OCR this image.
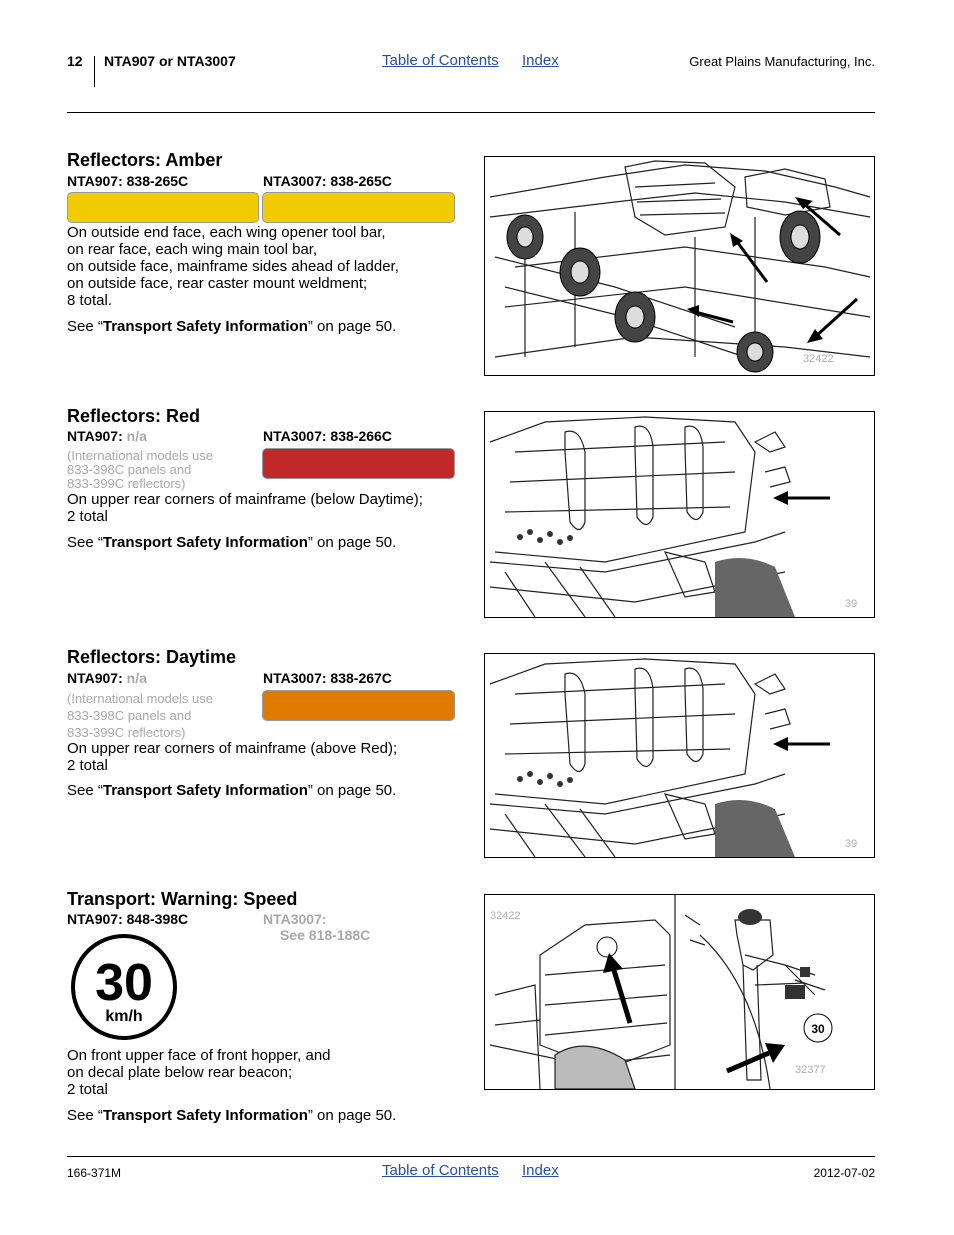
12 NTA907 or NTA3007	Table of Contents Index	Great Plains Manufacturing, Inc.
Reflectors: Amber
NTA907: 838-265C	NTA3007: 838-265C
On outside end face, each wing opener tool bar,
on rear face, each wing main tool bar,
on outside face, mainframe sides ahead of ladder,
on outside face, rear caster mount weldment;
8 total.
See “Transport Safety Information” on page 50.
32422
Reflectors: Red
NTA907: n/a	NTA3007: 838-266C
(International models use
833-398C panels and
833-399C reflectors)
On upper rear corners of mainframe (below Daytime);
2 total
See “Transport Safety Information” on page 50.
39
Reflectors: Daytime
NTA907: n/a	NTA3007: 838-267C
(International models use
833-398C panels and
833-399C reflectors)
On upper rear corners of mainframe (above Red);
2 total
See “Transport Safety Information” on page 50.
39
Transport: Warning: Speed
NTA907: 848-398C	NTA3007:
See 818-188C
30
km/h
On front upper face of front hopper, and
on decal plate below rear beacon;
2 total
See “Transport Safety Information” on page 50.
30
32422
32377
166-371M	Table of Contents Index	2012-07-02
